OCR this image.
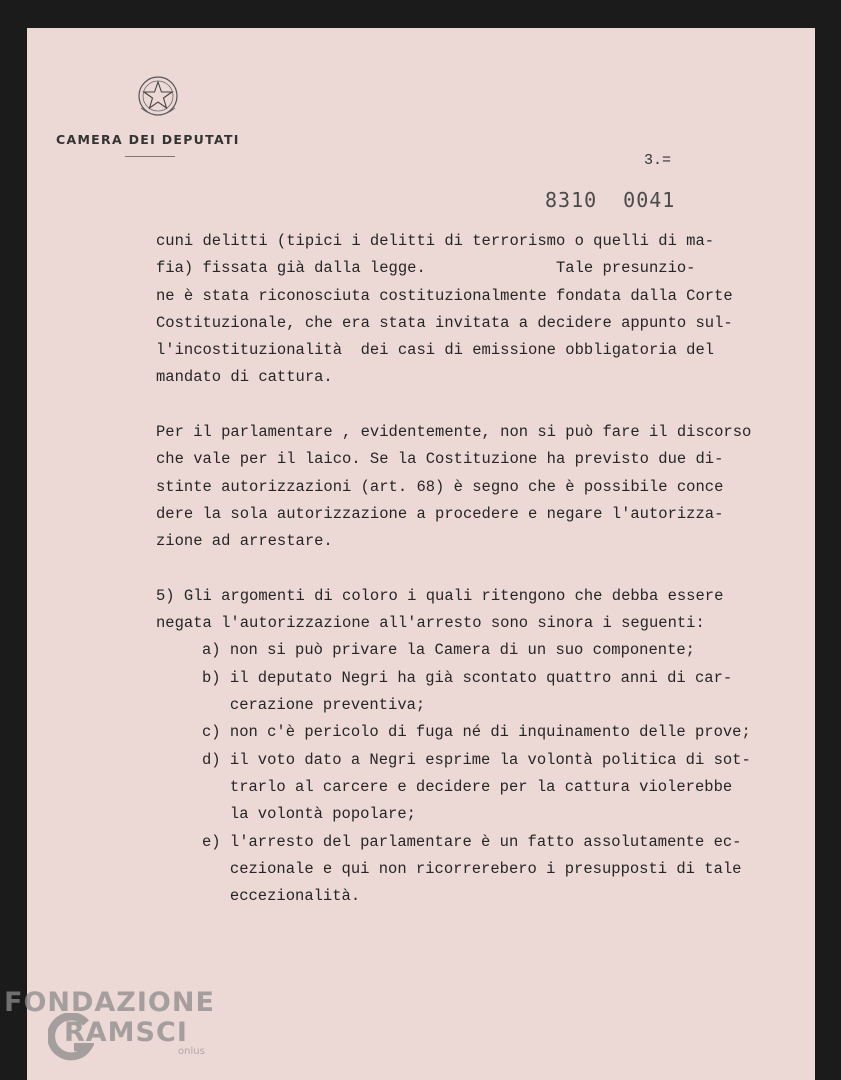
CAMERA DEI DEPUTATI
3.=
8310 0041
cuni delitti (tipici i delitti di terrorismo o quelli di ma-
fia) fissata già dalla legge.              Tale presunzio-
ne è stata riconosciuta costituzionalmente fondata dalla Corte
Costituzionale, che era stata invitata a decidere appunto sul-
l'incostituzionalità  dei casi di emissione obbligatoria del
mandato di cattura.
Per il parlamentare , evidentemente, non si può fare il discorso
che vale per il laico. Se la Costituzione ha previsto due di-
stinte autorizzazioni (art. 68) è segno che è possibile conce
dere la sola autorizzazione a procedere e negare l'autorizza-
zione ad arrestare.
5) Gli argomenti di coloro i quali ritengono che debba essere
negata l'autorizzazione all'arresto sono sinora i seguenti:
a) non si può privare la Camera di un suo componente;
b) il deputato Negri ha già scontato quattro anni di car-
cerazione preventiva;
c) non c'è pericolo di fuga né di inquinamento delle prove;
d) il voto dato a Negri esprime la volontà politica di sot-
trarlo al carcere e decidere per la cattura violerebbe
la volontà popolare;
e) l'arresto del parlamentare è un fatto assolutamente ec-
cezionale e qui non ricorrerebero i presupposti di tale
eccezionalità.
FONDAZIONE
RAMSCI
onlus
